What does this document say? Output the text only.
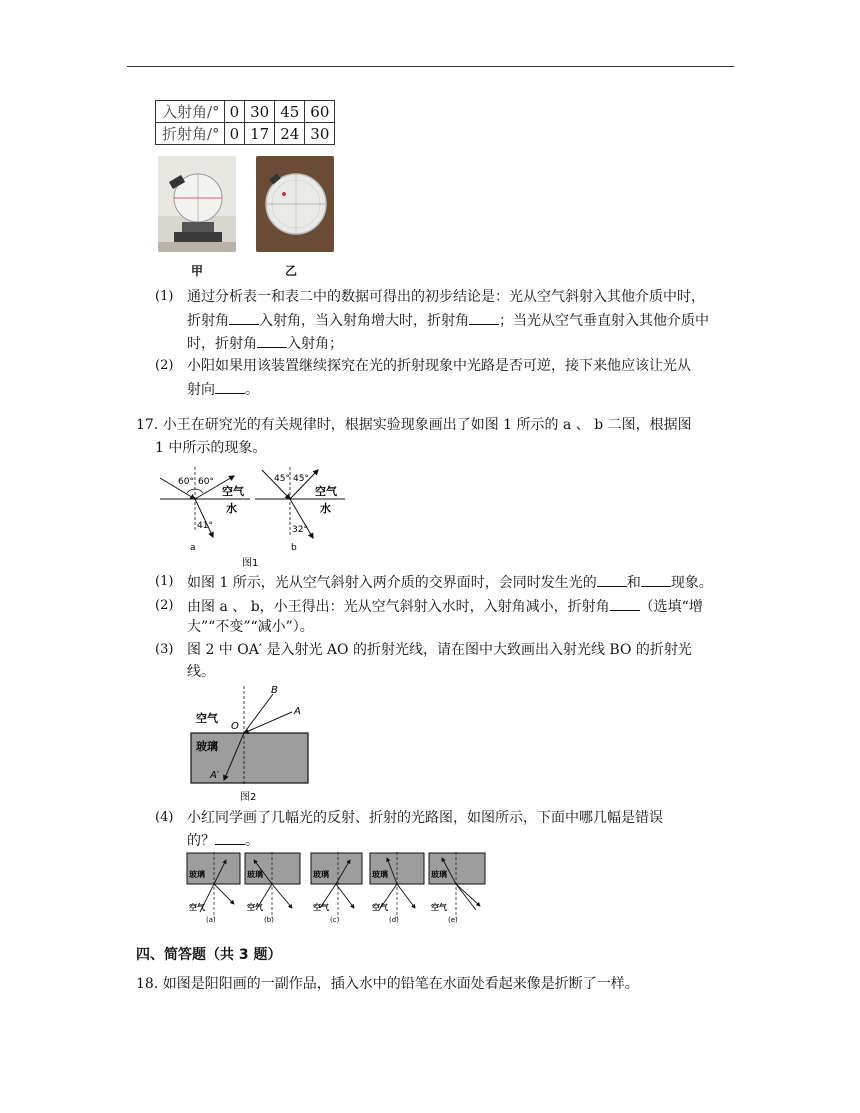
入射角/°	0	30	45	60
折射角/°	0	17	24	30
甲	乙
(1) 通过分析表一和表二中的数据可得出的初步结论是：光从空气斜射入其他介质中时，
折射角 入射角，当入射角增大时，折射角 ；当光从空气垂直射入其他介质中
时，折射角 入射角；
(2) 小阳如果用该装置继续探究在光的折射现象中光路是否可逆，接下来他应该让光从
射向 。
17. 小王在研究光的有关规律时，根据实验现象画出了如图 1 所示的 a 、 b 二图，根据图
1 中所示的现象。
60° 60°
空气
水
41°
a
45° 45°
空气
水
32°
b
图1
(1) 如图 1 所示，光从空气斜射入两介质的交界面时，会同时发生光的 和 现象。
(2) 由图 a 、 b，小王得出：光从空气斜射入水时，入射角减小，折射角 （选填“增
大”“不变”“减小”）。
(3) 图 2 中 OA′ 是入射光 AO 的折射光线，请在图中大致画出入射光线 BO 的折射光
线。
B
A
O
A′
空气
玻璃
图2
(4) 小红同学画了几幅光的反射、折射的光路图，如图所示，下面中哪几幅是错误
的？ 。
玻璃
空气
(a)
玻璃
空气
(b)
玻璃
空气
(c)
玻璃
空气
(d)
玻璃
空气
(e)
四、简答题（共 3 题）
18. 如图是阳阳画的一副作品，插入水中的铅笔在水面处看起来像是折断了一样。
